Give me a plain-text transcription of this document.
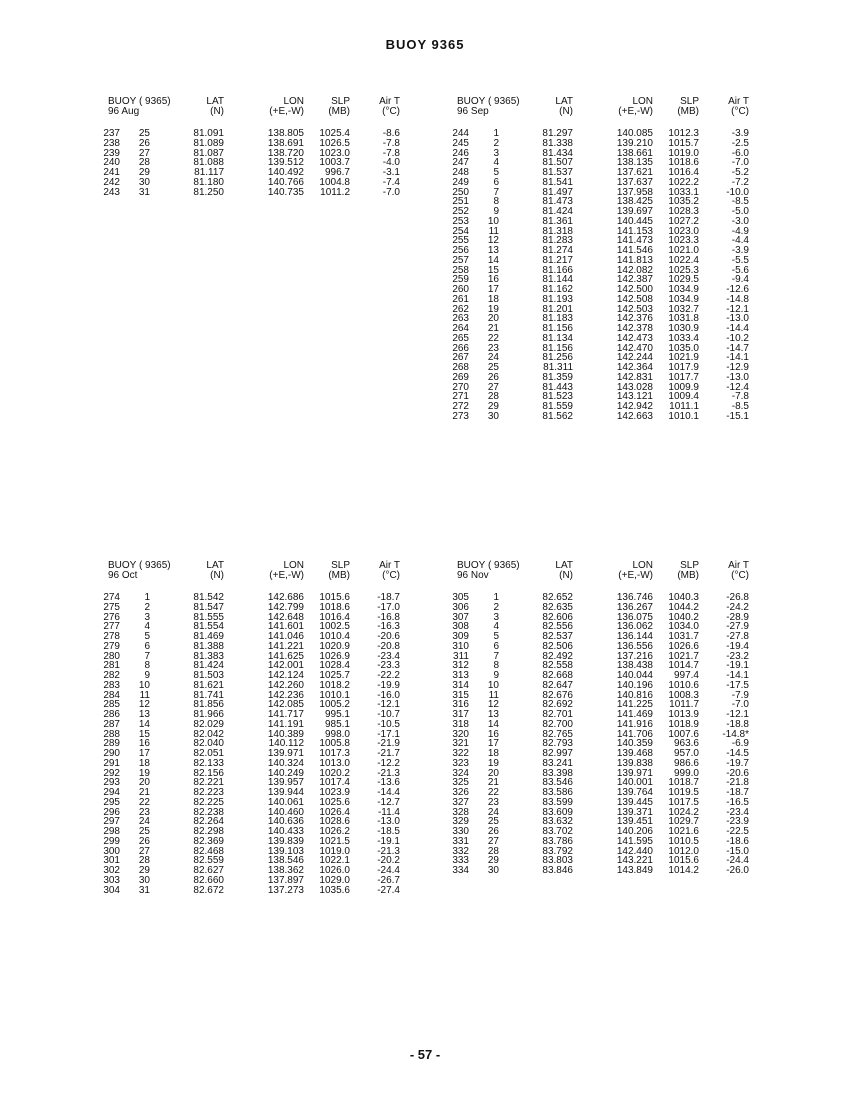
BUOY 9365
BUOY ( 9365)	LAT	LON	SLP	Air T
96 Aug	(N)	(+E,-W)	(MB)	(°C)
237	25	81.091	138.805	1025.4	-8.6
238	26	81.089	138.691	1026.5	-7.8
239	27	81.087	138.720	1023.0	-7.8
240	28	81.088	139.512	1003.7	-4.0
241	29	81.117	140.492	996.7	-3.1
242	30	81.180	140.766	1004.8	-7.4
243	31	81.250	140.735	1011.2	-7.0
BUOY ( 9365)	LAT	LON	SLP	Air T
96 Sep	(N)	(+E,-W)	(MB)	(°C)
244	1	81.297	140.085	1012.3	-3.9
245	2	81.338	139.210	1015.7	-2.5
246	3	81.434	138.661	1019.0	-6.0
247	4	81.507	138.135	1018.6	-7.0
248	5	81.537	137.621	1016.4	-5.2
249	6	81.541	137.637	1022.2	-7.2
250	7	81.497	137.958	1033.1	-10.0
251	8	81.473	138.425	1035.2	-8.5
252	9	81.424	139.697	1028.3	-5.0
253	10	81.361	140.445	1027.2	-3.0
254	11	81.318	141.153	1023.0	-4.9
255	12	81.283	141.473	1023.3	-4.4
256	13	81.274	141.546	1021.0	-3.9
257	14	81.217	141.813	1022.4	-5.5
258	15	81.166	142.082	1025.3	-5.6
259	16	81.144	142.387	1029.5	-9.4
260	17	81.162	142.500	1034.9	-12.6
261	18	81.193	142.508	1034.9	-14.8
262	19	81.201	142.503	1032.7	-12.1
263	20	81.183	142.376	1031.8	-13.0
264	21	81.156	142.378	1030.9	-14.4
265	22	81.134	142.473	1033.4	-10.2
266	23	81.156	142.470	1035.0	-14.7
267	24	81.256	142.244	1021.9	-14.1
268	25	81.311	142.364	1017.9	-12.9
269	26	81.359	142.831	1017.7	-13.0
270	27	81.443	143.028	1009.9	-12.4
271	28	81.523	143.121	1009.4	-7.8
272	29	81.559	142.942	1011.1	-8.5
273	30	81.562	142.663	1010.1	-15.1
BUOY ( 9365)	LAT	LON	SLP	Air T
96 Oct	(N)	(+E,-W)	(MB)	(°C)
274	1	81.542	142.686	1015.6	-18.7
275	2	81.547	142.799	1018.6	-17.0
276	3	81.555	142.648	1016.4	-16.8
277	4	81.554	141.601	1002.5	-16.3
278	5	81.469	141.046	1010.4	-20.6
279	6	81.388	141.221	1020.9	-20.8
280	7	81.383	141.625	1026.9	-23.4
281	8	81.424	142.001	1028.4	-23.3
282	9	81.503	142.124	1025.7	-22.2
283	10	81.621	142.260	1018.2	-19.9
284	11	81.741	142.236	1010.1	-16.0
285	12	81.856	142.085	1005.2	-12.1
286	13	81.966	141.717	995.1	-10.7
287	14	82.029	141.191	985.1	-10.5
288	15	82.042	140.389	998.0	-17.1
289	16	82.040	140.112	1005.8	-21.9
290	17	82.051	139.971	1017.3	-21.7
291	18	82.133	140.324	1013.0	-12.2
292	19	82.156	140.249	1020.2	-21.3
293	20	82.221	139.957	1017.4	-13.6
294	21	82.223	139.944	1023.9	-14.4
295	22	82.225	140.061	1025.6	-12.7
296	23	82.238	140.460	1026.4	-11.4
297	24	82.264	140.636	1028.6	-13.0
298	25	82.298	140.433	1026.2	-18.5
299	26	82.369	139.839	1021.5	-19.1
300	27	82.468	139.103	1019.0	-21.3
301	28	82.559	138.546	1022.1	-20.2
302	29	82.627	138.362	1026.0	-24.4
303	30	82.660	137.897	1029.0	-26.7
304	31	82.672	137.273	1035.6	-27.4
BUOY ( 9365)	LAT	LON	SLP	Air T
96 Nov	(N)	(+E,-W)	(MB)	(°C)
305	1	82.652	136.746	1040.3	-26.8
306	2	82.635	136.267	1044.2	-24.2
307	3	82.606	136.075	1040.2	-28.9
308	4	82.556	136.062	1034.0	-27.9
309	5	82.537	136.144	1031.7	-27.8
310	6	82.506	136.556	1026.6	-19.4
311	7	82.492	137.216	1021.7	-23.2
312	8	82.558	138.438	1014.7	-19.1
313	9	82.668	140.044	997.4	-14.1
314	10	82.647	140.196	1010.6	-17.5
315	11	82.676	140.816	1008.3	-7.9
316	12	82.692	141.225	1011.7	-7.0
317	13	82.701	141.469	1013.9	-12.1
318	14	82.700	141.916	1018.9	-18.8
320	16	82.765	141.706	1007.6	-14.8*
321	17	82.793	140.359	963.6	-6.9
322	18	82.997	139.468	957.0	-14.5
323	19	83.241	139.838	986.6	-19.7
324	20	83.398	139.971	999.0	-20.6
325	21	83.546	140.001	1018.7	-21.8
326	22	83.586	139.764	1019.5	-18.7
327	23	83.599	139.445	1017.5	-16.5
328	24	83.609	139.371	1024.2	-23.4
329	25	83.632	139.451	1029.7	-23.9
330	26	83.702	140.206	1021.6	-22.5
331	27	83.786	141.595	1010.5	-18.6
332	28	83.792	142.440	1012.0	-15.0
333	29	83.803	143.221	1015.6	-24.4
334	30	83.846	143.849	1014.2	-26.0
- 57 -
